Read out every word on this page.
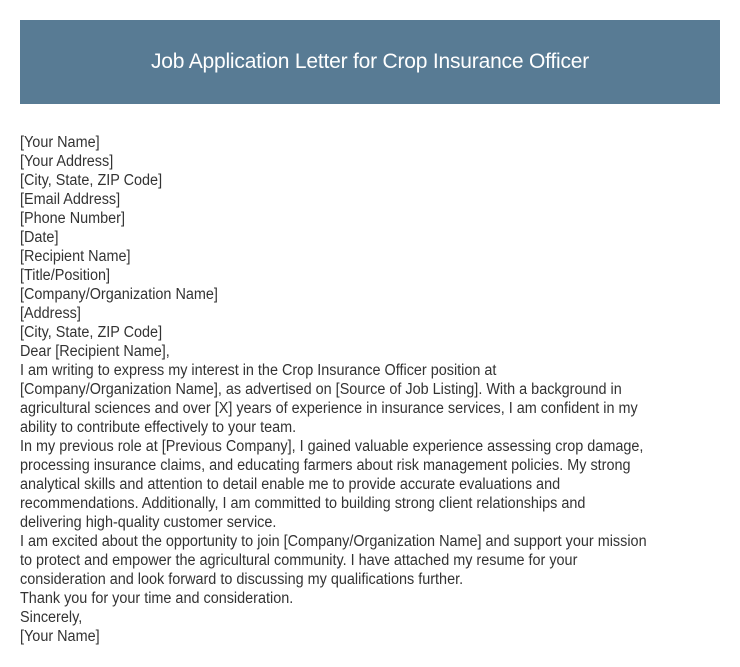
Job Application Letter for Crop Insurance Officer
[Your Name]
[Your Address]
[City, State, ZIP Code]
[Email Address]
[Phone Number]
[Date]
[Recipient Name]
[Title/Position]
[Company/Organization Name]
[Address]
[City, State, ZIP Code]
Dear [Recipient Name],
I am writing to express my interest in the Crop Insurance Officer position at
[Company/Organization Name], as advertised on [Source of Job Listing]. With a background in
agricultural sciences and over [X] years of experience in insurance services, I am confident in my
ability to contribute effectively to your team.
In my previous role at [Previous Company], I gained valuable experience assessing crop damage,
processing insurance claims, and educating farmers about risk management policies. My strong
analytical skills and attention to detail enable me to provide accurate evaluations and
recommendations. Additionally, I am committed to building strong client relationships and
delivering high-quality customer service.
I am excited about the opportunity to join [Company/Organization Name] and support your mission
to protect and empower the agricultural community. I have attached my resume for your
consideration and look forward to discussing my qualifications further.
Thank you for your time and consideration.
Sincerely,
[Your Name]
